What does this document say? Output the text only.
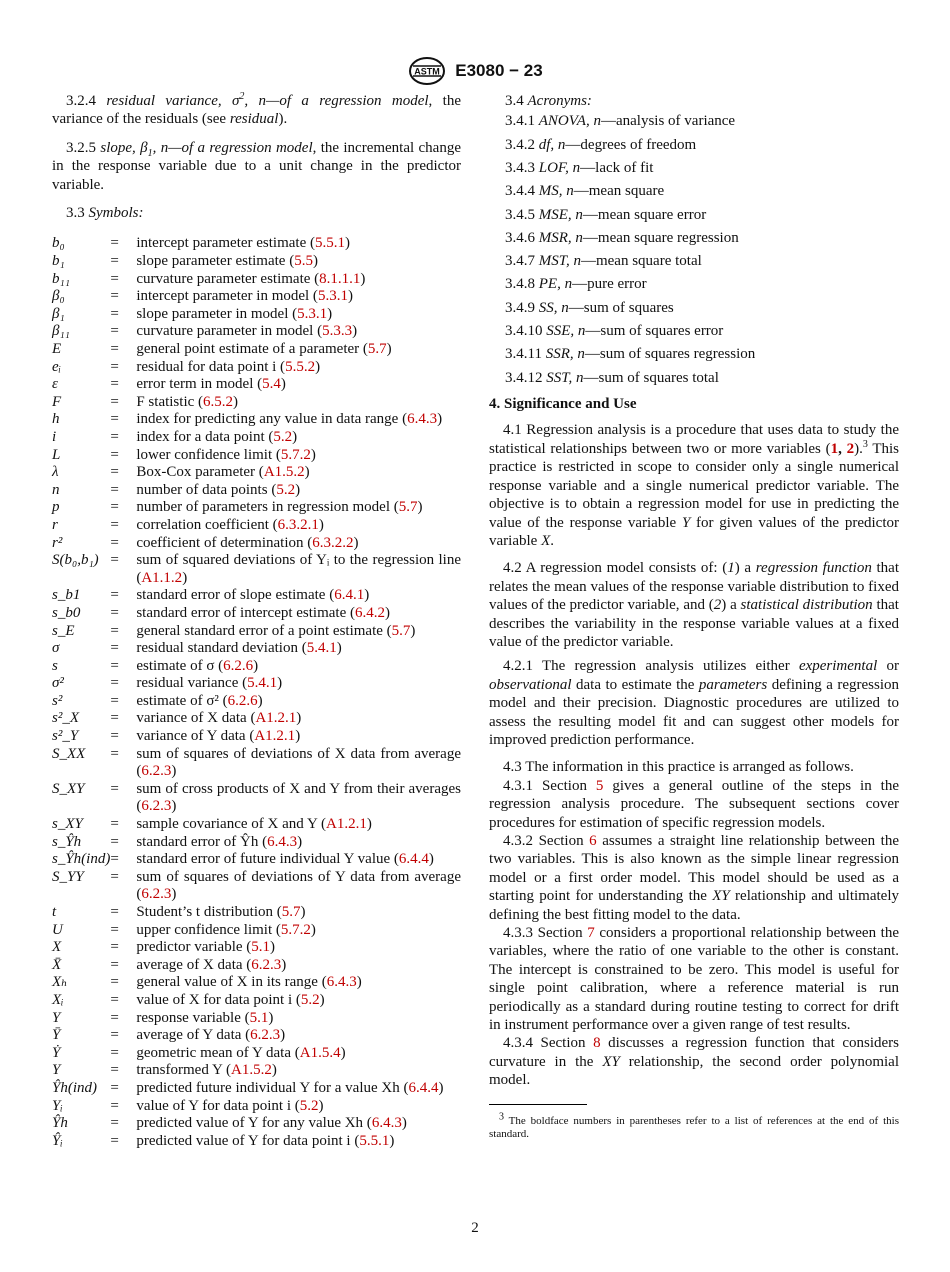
ASTM E3080 − 23

3.2.4 residual variance, $\sigma^2$, n—of a regression model, the variance of the residuals (see residual).

3.2.5 slope, $\beta_1$, n—of a regression model, the incremental change in the response variable due to a unit change in the predictor variable.

3.3 Symbols:

b₀	=	intercept parameter estimate (5.5.1)
b₁	=	slope parameter estimate (5.5)
b₁₁	=	curvature parameter estimate (8.1.1.1)
β₀	=	intercept parameter in model (5.3.1)
β₁	=	slope parameter in model (5.3.1)
β₁₁	=	curvature parameter in model (5.3.3)
E	=	general point estimate of a parameter (5.7)
eᵢ	=	residual for data point i (5.5.2)
ε	=	error term in model (5.4)
F	=	F statistic (6.5.2)
h	=	index for predicting any value in data range (6.4.3)
i	=	index for a data point (5.2)
L	=	lower confidence limit (5.7.2)
λ	=	Box-Cox parameter (A1.5.2)
n	=	number of data points (5.2)
p	=	number of parameters in regression model (5.7)
r	=	correlation coefficient (6.3.2.1)
r²	=	coefficient of determination (6.3.2.2)
S(b₀,b₁)	=	sum of squared deviations of Yᵢ to the regression line (A1.1.2)
s_b1	=	standard error of slope estimate (6.4.1)
s_b0	=	standard error of intercept estimate (6.4.2)
s_E	=	general standard error of a point estimate (5.7)
σ	=	residual standard deviation (5.4.1)
s	=	estimate of σ (6.2.6)
σ²	=	residual variance (5.4.1)
s²	=	estimate of σ² (6.2.6)
s²_X	=	variance of X data (A1.2.1)
s²_Y	=	variance of Y data (A1.2.1)
S_XX	=	sum of squares of deviations of X data from average (6.2.3)
S_XY	=	sum of cross products of X and Y from their averages (6.2.3)
s_XY	=	sample covariance of X and Y (A1.2.1)
s_Ŷh	=	standard error of Ŷh (6.4.3)
s_Ŷh(ind)	=	standard error of future individual Y value (6.4.4)
S_YY	=	sum of squares of deviations of Y data from average (6.2.3)
t	=	Student’s t distribution (5.7)
U	=	upper confidence limit (5.7.2)
X	=	predictor variable (5.1)
X̄	=	average of X data (6.2.3)
Xₕ	=	general value of X in its range (6.4.3)
Xᵢ	=	value of X for data point i (5.2)
Y	=	response variable (5.1)
Ȳ	=	average of Y data (6.2.3)
Ẏ	=	geometric mean of Y data (A1.5.4)
Y	=	transformed Y (A1.5.2)
Ŷh(ind)	=	predicted future individual Y for a value Xh (6.4.4)
Yᵢ	=	value of Y for data point i (5.2)
Ŷh	=	predicted value of Y for any value Xh (6.4.3)
Ŷᵢ	=	predicted value of Y for data point i (5.5.1)

3.4 Acronyms:

3.4.1 ANOVA, n—analysis of variance

3.4.2 df, n—degrees of freedom

3.4.3 LOF, n—lack of fit

3.4.4 MS, n—mean square

3.4.5 MSE, n—mean square error

3.4.6 MSR, n—mean square regression

3.4.7 MST, n—mean square total

3.4.8 PE, n—pure error

3.4.9 SS, n—sum of squares

3.4.10 SSE, n—sum of squares error

3.4.11 SSR, n—sum of squares regression

3.4.12 SST, n—sum of squares total

4. Significance and Use

4.1 Regression analysis is a procedure that uses data to study the statistical relationships between two or more variables (1, 2).$^3$ This practice is restricted in scope to consider only a single numerical response variable and a single numerical predictor variable. The objective is to obtain a regression model for use in predicting the value of the response variable Y for given values of the predictor variable X.

4.2 A regression model consists of: (1) a regression function that relates the mean values of the response variable distribution to fixed values of the predictor variable, and (2) a statistical distribution that describes the variability in the response variable values at a fixed value of the predictor variable.

4.2.1 The regression analysis utilizes either experimental or observational data to estimate the parameters defining a regression model and their precision. Diagnostic procedures are utilized to assess the resulting model fit and can suggest other models for improved prediction performance.

4.3 The information in this practice is arranged as follows.

4.3.1 Section 5 gives a general outline of the steps in the regression analysis procedure. The subsequent sections cover procedures for estimation of specific regression models.

4.3.2 Section 6 assumes a straight line relationship between the two variables. This is also known as the simple linear regression model or a first order model. This model should be used as a starting point for understanding the XY relationship and ultimately defining the best fitting model to the data.

4.3.3 Section 7 considers a proportional relationship between the variables, where the ratio of one variable to the other is constant. The intercept is constrained to be zero. This model is useful for single point calibration, where a reference material is run periodically as a standard during routine testing to correct for drift in instrument performance over a given range of test results.

4.3.4 Section 8 discusses a regression function that considers curvature in the XY relationship, the second order polynomial model.

$^3$ The boldface numbers in parentheses refer to a list of references at the end of this standard.

2
